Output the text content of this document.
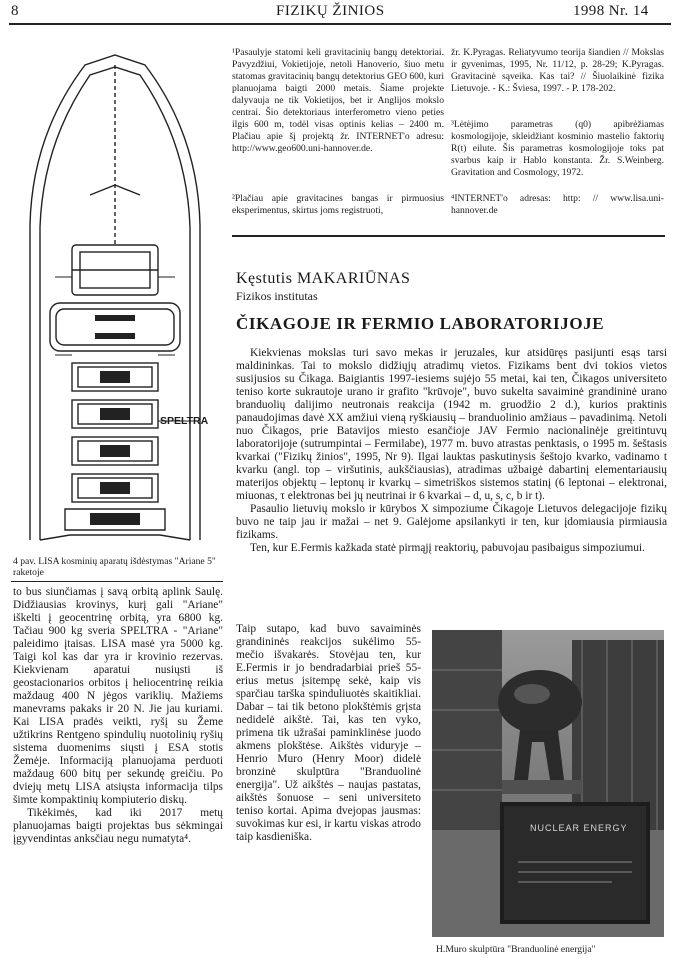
8	FIZIKŲ ŽINIOS	1998 Nr. 14
SPELTRA
4 pav. LISA kosminių aparatų išdėstymas "Ariane 5" raketoje
¹Pasaulyje statomi keli gravitacinių bangų detektoriai. Pavyzdžiui, Vokietijoje, netoli Hanoverio, šiuo metu statomas gravitacinių bangų detektorius GEO 600, kuri planuojama baigti 2000 metais. Šiame projekte dalyvauja ne tik Vokietijos, bet ir Anglijos mokslo centrai. Šio detektoriaus interferometro vieno peties ilgis 600 m, todėl visas optinis kelias – 2400 m. Plačiau apie šį projektą žr. INTERNET'o adresu: http://www.geo600.uni-hannover.de.
²Plačiau apie gravitacines bangas ir pirmuosius eksperimentus, skirtus joms registruoti,
žr. K.Pyragas. Reliatyvumo teorija šiandien // Mokslas ir gyvenimas, 1995, Nr. 11/12, p. 28-29; K.Pyragas. Gravitacinė sąveika. Kas tai? // Šiuolaikinė fizika Lietuvoje. - K.: Šviesa, 1997. - P. 178-202.
³Lėtėjimo parametras (q0) apibrėžiamas kosmologijoje, skleidžiant kosminio mastelio faktorių R(t) eilute. Šis parametras kosmologijoje toks pat svarbus kaip ir Hablo konstanta. Žr. S.Weinberg. Gravitation and Cosmology, 1972.
⁴INTERNET'o adresas: http: // www.lisa.uni-hannover.de

to bus siunčiamas į savą orbitą aplink Saulę. Didžiausias krovinys, kurį gali "Ariane" iškelti į geocentrinę orbitą, yra 6800 kg. Tačiau 900 kg sveria SPELTRA - "Ariane" paleidimo įtaisas. LISA masė yra 5000 kg. Taigi kol kas dar yra ir krovinio rezervas. Kiekvienam aparatui nusiųsti iš geostacionarios orbitos į heliocentrinę reikia maždaug 400 N jėgos variklių. Mažiems manevrams pakaks ir 20 N. Jie jau kuriami. Kai LISA pradės veikti, ryšį su Žeme užtikrins Rentgeno spindulių nuotolinių ryšių sistema duomenims siųsti į ESA stotis Žemėje. Informaciją planuojama perduoti maždaug 600 bitų per sekundę greičiu. Po dviejų metų LISA atsiųsta informacija tilps šimte kompaktinių kompiuterio diskų.

Tikėkimės, kad iki 2017 metų planuojamas baigti projektas bus sėkmingai įgyvendintas anksčiau negu numatyta⁴.

Kęstutis MAKARIŪNAS
Fizikos institutas
ČIKAGOJE IR FERMIO LABORATORIJOJE

Kiekvienas mokslas turi savo mekas ir jeruzales, kur atsidūręs pasijunti esąs tarsi maldininkas. Tai to mokslo didžiųjų atradimų vietos. Fizikams bent dvi tokios vietos susijusios su Čikaga. Baigiantis 1997-iesiems sujėjo 55 metai, kai ten, Čikagos universiteto teniso korte sukrautoje urano ir grafito "krūvoje", buvo sukelta savaiminė grandininė urano branduolių dalijimo neutronais reakcija (1942 m. gruodžio 2 d.), kurios praktinis panaudojimas davė XX amžiui vieną ryškiausių – branduolinio amžiaus – pavadinimą. Netoli nuo Čikagos, prie Batavijos miesto esančioje JAV Fermio nacionalinėje greitintuvų laboratorijoje (sutrumpintai – Fermilabe), 1977 m. buvo atrastas penktasis, o 1995 m. šeštasis kvarkai ("Fizikų žinios", 1995, Nr 9). Ilgai lauktas paskutinysis šeštojo kvarko, vadinamo t kvarku (angl. top – viršutinis, aukščiausias), atradimas užbaigė dabartinį elementariausių materijos objektų – leptonų ir kvarkų – simetriškos sistemos statinį (6 leptonai – elektronai, miuonas, τ elektronas bei jų neutrinai ir 6 kvarkai – d, u, s, c, b ir t).

Pasaulio lietuvių mokslo ir kūrybos X simpoziume Čikagoje Lietuvos delegacijoje fizikų buvo ne taip jau ir mažai – net 9. Galėjome apsilankyti ir ten, kur įdomiausia pirmiausia fizikams.

Ten, kur E.Fermis kažkada statė pirmąjį reaktorių, pabuvojau pasibaigus simpoziumui.

Taip sutapo, kad buvo savaiminės grandininės reakcijos sukėlimo 55-mečio išvakarės. Stovėjau ten, kur E.Fermis ir jo bendradarbiai prieš 55-erius metus įsitempę sekė, kaip vis sparčiau tarška spinduliuotės skaitikliai. Dabar – tai tik betono plokštėmis grįsta nedidelė aikštė. Tai, kas ten vyko, primena tik užrašai paminklinėse juodo akmens plokštėse. Aikštės viduryje – Henrio Muro (Henry Moor) didelė bronzinė skulptūra "Branduolinė energija". Už aikštės – naujas pastatas, aikštės šonuose – seni universiteto teniso kortai. Apima dvejopas jausmas: suvokimas kur esi, ir kartu viskas atrodo taip kasdieniška.

NUCLEAR ENERGY
H.Muro skulptūra "Branduolinė energija"
